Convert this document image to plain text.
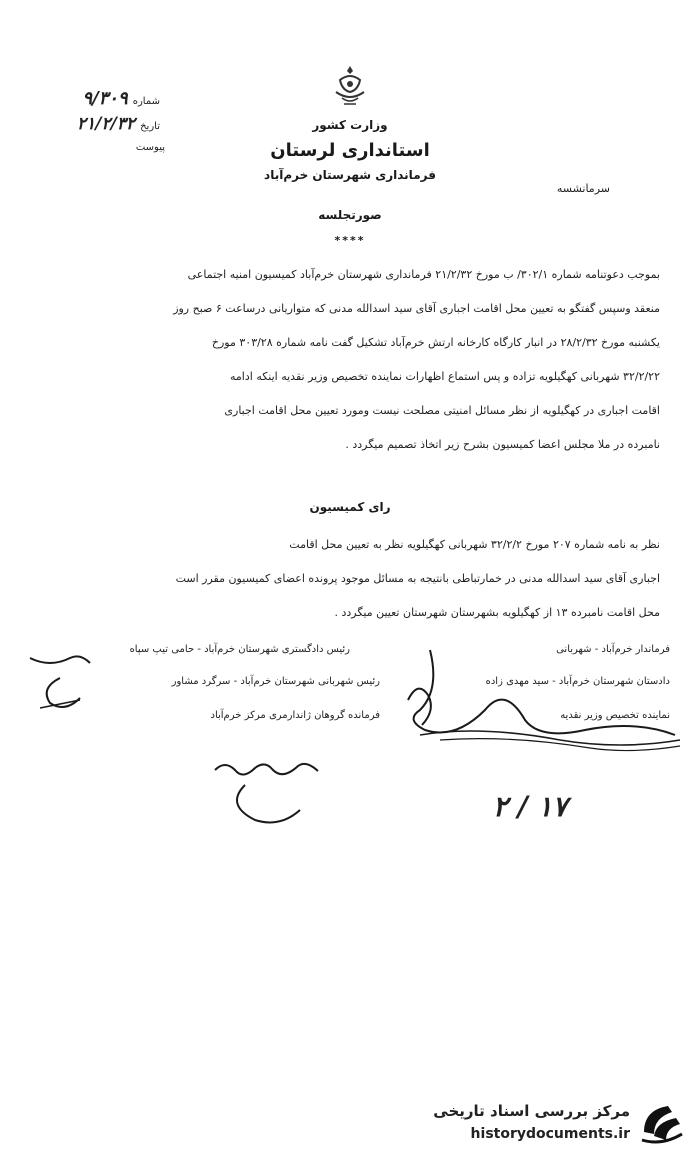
شماره ۹/۳۰۹
تاریخ ۲۱/۲/۳۲
پیوست
وزارت کشور
استانداری لرستان
فرمانداری شهرستان خرم‌آباد
سرمانشسه
صورتجلسه
****
بموجب دعوتنامه شماره ۳۰۲/۱/ ب مورخ ۲۱/۲/۳۲ فرمانداری شهرستان خرم‌آباد کمیسیون امنیه اجتماعی
منعقد وسپس گفتگو به تعیین محل اقامت اجباری آقای سید اسدالله مدنی که متواریانی درساعت ۶ صبح روز
یکشنبه مورخ ۲۸/۲/۳۲ در انبار کارگاه کارخانه ارتش خرم‌آباد تشکیل گفت نامه شماره ۳۰۳/۲۸ مورخ
۳۲/۲/۲۲ شهربانی کهگیلویه تزاده و پس استماع اظهارات نماینده تخصیص وزیر نقدیه اینکه ادامه
اقامت اجباری در کهگیلویه از نظر مسائل امنیتی مصلحت نیست ومورد تعیین محل اقامت اجباری
نامبرده در ملا مجلس اعضا کمیسیون بشرح زیر اتخاذ تصمیم میگردد .
رای کمیسیون
نظر به نامه شماره ۲۰۷ مورخ ۳۲/۲/۲ شهربانی کهگیلویه نظر به تعیین محل اقامت
اجباری آقای سید اسدالله مدنی در خمارتباطی بانتیجه به مسائل موجود پرونده اعضای کمیسیون مقرر است
محل اقامت نامبرده ۱۳ از کهگیلویه بشهرستان شهرستان تعیین میگردد .
فرماندار خرم‌آباد - شهربانی
رئیس دادگستری شهرستان خرم‌آباد - حامی تیپ سپاه
دادستان شهرستان خرم‌آباد - سید مهدی زاده
رئیس شهربانی شهرستان خرم‌آباد - سرگرد مشاور
نماینده تخصیص وزیر نقدیه
فرمانده گروهان ژاندارمری مرکز خرم‌آباد
۲ / ۱۷
مرکز بررسی اسناد تاریخی
historydocuments.ir
